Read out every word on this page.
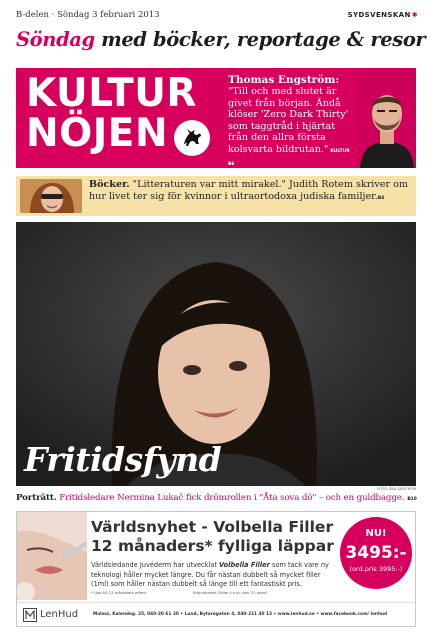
B-delen · Söndag 3 februari 2013	SYDSVENSKAN✱
Söndag med böcker, reportage & resor
KULTUR
NÖJEN
Thomas Engström:
"Till och med slutet är givet från början. Ändå klöser 'Zero Dark Thirty' som taggtråd i hjärtat från den allra första kolsvarta bildrutan." KULTUR B6
Böcker. "Litteraturen var mitt mirakel." Judith Rotem skriver om hur livet ter sig för kvinnor i ultraortodoxa judiska familjer.B4
Fritidsfynd
FOTO: ÅSA SJÖSTRÖM
Porträtt. Fritidsledare Nermina Lukač fick drömrollen i "Åta sova dö" – och en guldbagge. B10
Världsnyhet - Volbella Filler
12 månaders* fylliga läppar
Världsledande Juvéderm har utvecklat Volbella Filler som tack vare ny teknologi håller mycket längre. Du får nästan dubbelt så mycket filler (1ml) som håller nästan dubbelt så länge till ett fantastiskt pris.
* Upp till 12 månaders effekt.	Erbjudandet Gäller t.o.m. den 31 mars!
NU!
3495:-
(ord.pris 3995:-)
LenHud	Malmö, Kalendeg. 25, 040-30 61 30 • Lund, Bytaregatan 4, 040-211 40 13 • www.lenhud.se • www.facebook.com/ lenhud
